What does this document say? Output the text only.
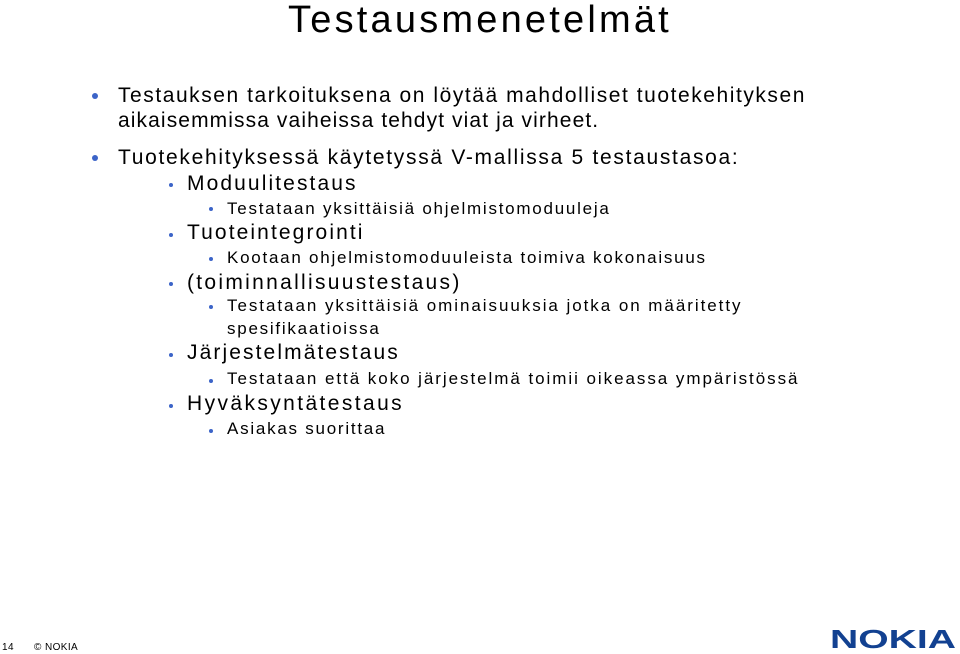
Testausmenetelmät
Testauksen tarkoituksena on löytää mahdolliset tuotekehityksen
aikaisemmissa vaiheissa tehdyt viat ja virheet.
Tuotekehityksessä käytetyssä V-mallissa 5 testaustasoa:
Moduulitestaus
Testataan yksittäisiä ohjelmistomoduuleja
Tuoteintegrointi
Kootaan ohjelmistomoduuleista toimiva kokonaisuus
(toiminnallisuustestaus)
Testataan yksittäisiä ominaisuuksia jotka on määritetty
spesifikaatioissa
Järjestelmätestaus
Testataan että koko järjestelmä toimii oikeassa ympäristössä
Hyväksyntätestaus
Asiakas suorittaa
14 © NOKIA	NOKIA
